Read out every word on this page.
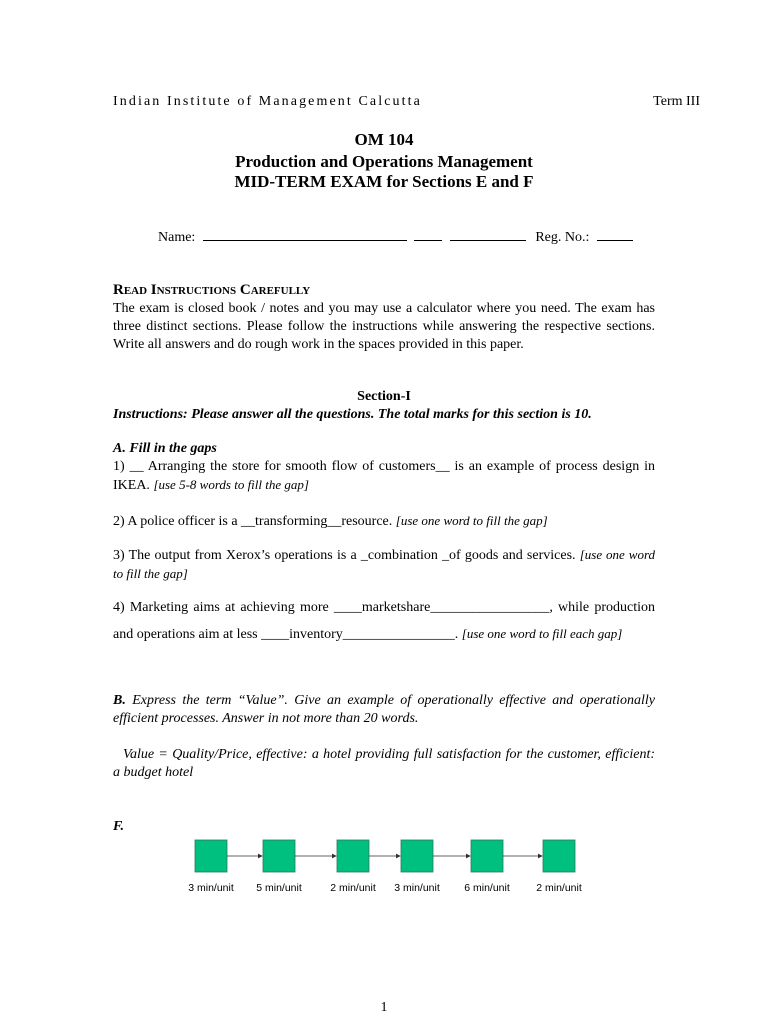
Indian Institute of Management Calcutta	Term III
OM 104
Production and Operations Management
MID-TERM EXAM for Sections E and F
Name:	Reg. No.:
Read Instructions Carefully
The exam is closed book / notes and you may use a calculator where you need. The exam has three distinct sections. Please follow the instructions while answering the respective sections. Write all answers and do rough work in the spaces provided in this paper.
Section-I
Instructions: Please answer all the questions. The total marks for this section is 10.
A. Fill in the gaps
1) __ Arranging the store for smooth flow of customers__ is an example of process design in IKEA. [use 5-8 words to fill the gap]
2) A police officer is a __transforming__resource. [use one word to fill the gap]
3) The output from Xerox’s operations is a _combination _of goods and services. [use one word to fill the gap]
4) Marketing aims at achieving more ____marketshare_________________, while production and operations aim at less ____inventory________________. [use one word to fill each gap]
B. Express the term “Value”. Give an example of operationally effective and operationally efficient processes. Answer in not more than 20 words.
Value = Quality/Price, effective: a hotel providing full satisfaction for the customer, efficient: a budget hotel
F.
3 min/unit 5 min/unit	2 min/unit 3 min/unit 6 min/unit	2 min/unit
1
